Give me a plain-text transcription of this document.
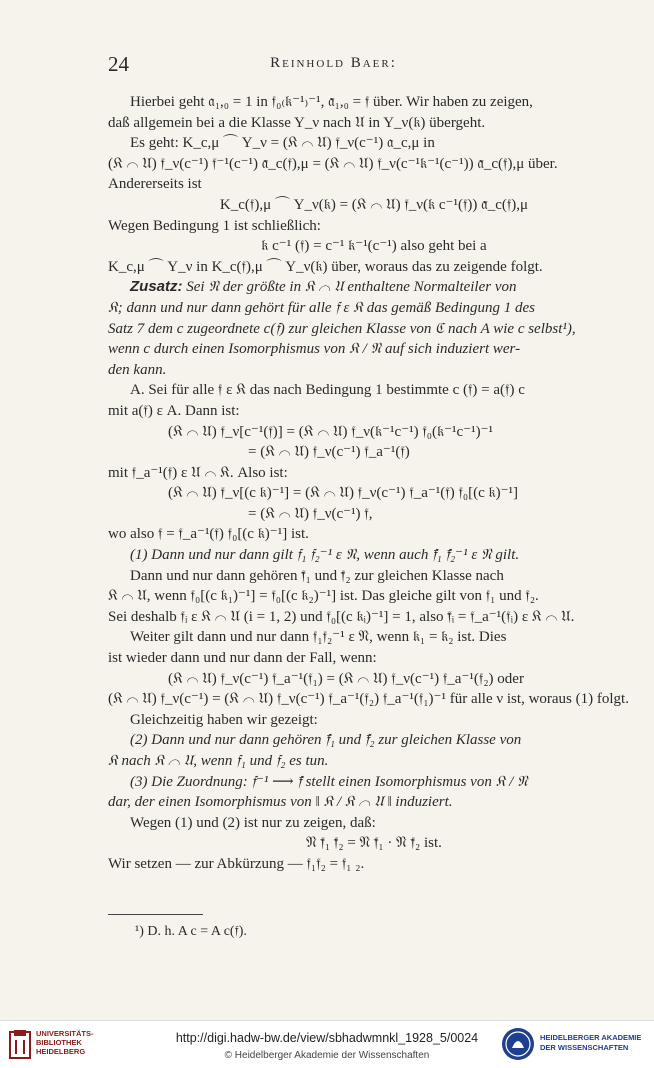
24	Reinhold Baer:
Hierbei geht 𝔞₁,₀ = 1 in 𝔣₀₍𝔨⁻¹₎⁻¹, 𝔞̄₁,₀ = 𝔣 über. Wir haben zu zeigen,
daß allgemein bei a die Klasse Y_ν nach 𝔘 in Y_ν(𝔨) übergeht.
Es geht: K_c,μ ⌒ Y_ν = (𝔎 ⌒ 𝔘) 𝔣_ν(c⁻¹) 𝔞_c,μ in
(𝔎 ⌒ 𝔘) 𝔣_ν(c⁻¹) 𝔣⁻¹(c⁻¹) 𝔞̄_c(𝔣),μ = (𝔎 ⌒ 𝔘) 𝔣_ν(c⁻¹𝔨⁻¹(c⁻¹)) 𝔞̄_c(𝔣),μ über.
Andererseits ist
K_c(𝔣),μ ⌒ Y_ν(𝔨) = (𝔎 ⌒ 𝔘) 𝔣_ν(𝔨 c⁻¹(𝔣)) 𝔞̄_c(𝔣),μ
Wegen Bedingung 1 ist schließlich:
𝔨 c⁻¹ (𝔣) = c⁻¹ 𝔨⁻¹(c⁻¹) also geht bei a
K_c,μ ⌒ Y_ν in K_c(𝔣),μ ⌒ Y_ν(𝔨) über, woraus das zu zeigende folgt.
Zusatz: Sei 𝔑 der größte in 𝔎 ⌒ 𝔘 enthaltene Normalteiler von
𝔎; dann und nur dann gehört für alle 𝔣 ε 𝔎 das gemäß Bedingung 1 des
Satz 7 dem c zugeordnete c(𝔣) zur gleichen Klasse von ℭ nach A wie c selbst¹),
wenn c durch einen Isomorphismus von 𝔎 / 𝔑 auf sich induziert wer-
den kann.
A. Sei für alle 𝔣 ε 𝔎 das nach Bedingung 1 bestimmte c (𝔣) = a(𝔣) c
mit a(𝔣) ε A. Dann ist:
(𝔎 ⌒ 𝔘) 𝔣_ν[c⁻¹(𝔣)] = (𝔎 ⌒ 𝔘) 𝔣_ν(𝔨⁻¹c⁻¹) 𝔣₀(𝔨⁻¹c⁻¹)⁻¹
= (𝔎 ⌒ 𝔘) 𝔣_ν(c⁻¹) 𝔣_a⁻¹(𝔣)
mit 𝔣_a⁻¹(𝔣) ε 𝔘 ⌒ 𝔎. Also ist:
(𝔎 ⌒ 𝔘) 𝔣_ν[(c 𝔨)⁻¹] = (𝔎 ⌒ 𝔘) 𝔣_ν(c⁻¹) 𝔣_a⁻¹(𝔣) 𝔣₀[(c 𝔨)⁻¹]
= (𝔎 ⌒ 𝔘) 𝔣_ν(c⁻¹) 𝔣,
wo also 𝔣 = 𝔣_a⁻¹(𝔣) 𝔣₀[(c 𝔨)⁻¹] ist.
(1) Dann und nur dann gilt 𝔣₁ 𝔣₂⁻¹ ε 𝔑, wenn auch 𝔣̄₁ 𝔣̄₂⁻¹ ε 𝔑 gilt.
Dann und nur dann gehören 𝔣̄₁ und 𝔣̄₂ zur gleichen Klasse nach
𝔎 ⌒ 𝔘, wenn 𝔣₀[(c 𝔨₁)⁻¹] = 𝔣₀[(c 𝔨₂)⁻¹] ist. Das gleiche gilt von 𝔣₁ und 𝔣₂.
Sei deshalb 𝔣ᵢ ε 𝔎 ⌒ 𝔘 (i = 1, 2) und 𝔣₀[(c 𝔨ᵢ)⁻¹] = 1, also 𝔣̄ᵢ = 𝔣_a⁻¹(𝔣ᵢ) ε 𝔎 ⌒ 𝔘.
Weiter gilt dann und nur dann 𝔣₁𝔣₂⁻¹ ε 𝔑, wenn 𝔨₁ = 𝔨₂ ist. Dies
ist wieder dann und nur dann der Fall, wenn:
(𝔎 ⌒ 𝔘) 𝔣_ν(c⁻¹) 𝔣_a⁻¹(𝔣₁) = (𝔎 ⌒ 𝔘) 𝔣_ν(c⁻¹) 𝔣_a⁻¹(𝔣₂) oder
(𝔎 ⌒ 𝔘) 𝔣_ν(c⁻¹) = (𝔎 ⌒ 𝔘) 𝔣_ν(c⁻¹) 𝔣_a⁻¹(𝔣₂) 𝔣_a⁻¹(𝔣₁)⁻¹ für alle ν ist, woraus (1) folgt.
Gleichzeitig haben wir gezeigt:
(2) Dann und nur dann gehören 𝔣̄₁ und 𝔣̄₂ zur gleichen Klasse von
𝔎 nach 𝔎 ⌒ 𝔘, wenn 𝔣₁ und 𝔣₂ es tun.
(3) Die Zuordnung: 𝔣⁻¹ ⟶ 𝔣̄ stellt einen Isomorphismus von 𝔎 / 𝔑
dar, der einen Isomorphismus von ‖ 𝔎 / 𝔎 ⌒ 𝔘 ‖ induziert.
Wegen (1) und (2) ist nur zu zeigen, daß:
𝔑 𝔣̄₁ 𝔣̄₂ = 𝔑 𝔣̄₁ · 𝔑 𝔣̄₂ ist.
Wir setzen — zur Abkürzung — 𝔣₁𝔣₂ = 𝔣₁ ₂.
¹) D. h. A c = A c(𝔣).
UNIVERSITÄTS-
BIBLIOTHEK
HEIDELBERG
http://digi.hadw-bw.de/view/sbhadwmnkl_1928_5/0024
© Heidelberger Akademie der Wissenschaften
HEIDELBERGER AKADEMIE
DER WISSENSCHAFTEN
